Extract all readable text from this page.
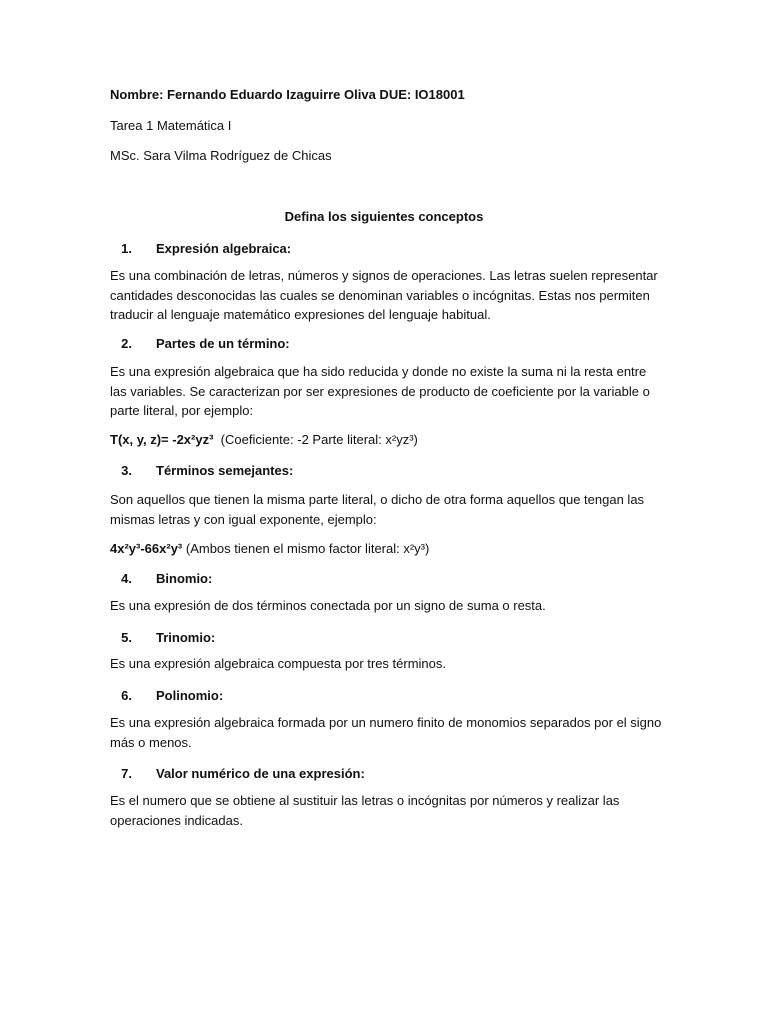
Nombre: Fernando Eduardo Izaguirre Oliva DUE: IO18001
Tarea 1 Matemática I
MSc. Sara Vilma Rodríguez de Chicas
Defina los siguientes conceptos
1. Expresión algebraica:
Es una combinación de letras, números y signos de operaciones. Las letras suelen representar cantidades desconocidas las cuales se denominan variables o incógnitas. Estas nos permiten traducir al lenguaje matemático expresiones del lenguaje habitual.
2. Partes de un término:
Es una expresión algebraica que ha sido reducida y donde no existe la suma ni la resta entre las variables. Se caracterizan por ser expresiones de producto de coeficiente por la variable o parte literal, por ejemplo:
T(x, y, z)= -2x²yz³  (Coeficiente: -2 Parte literal: x²yz³)
3. Términos semejantes:
Son aquellos que tienen la misma parte literal, o dicho de otra forma aquellos que tengan las mismas letras y con igual exponente, ejemplo:
4x²y³-66x²y³ (Ambos tienen el mismo factor literal: x²y³)
4. Binomio:
Es una expresión de dos términos conectada por un signo de suma o resta.
5. Trinomio:
Es una expresión algebraica compuesta por tres términos.
6. Polinomio:
Es una expresión algebraica formada por un numero finito de monomios separados por el signo más o menos.
7. Valor numérico de una expresión:
Es el numero que se obtiene al sustituir las letras o incógnitas por números y realizar las operaciones indicadas.
